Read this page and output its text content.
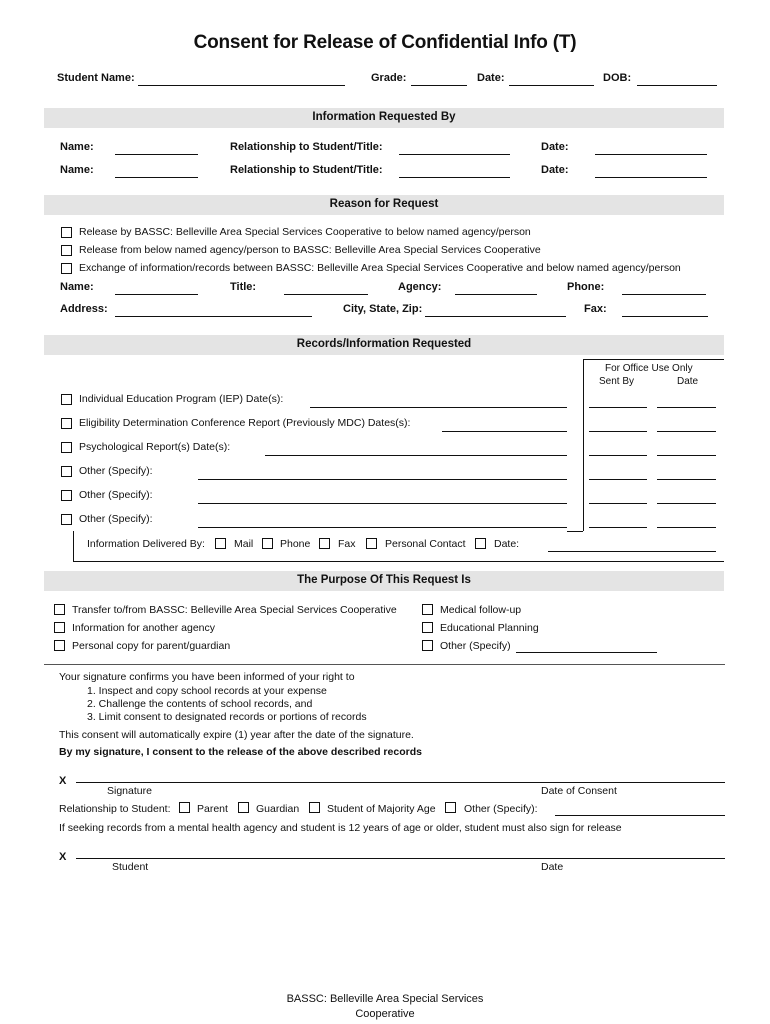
Consent for Release of Confidential Info (T)
Student Name:	Grade:	Date:	DOB:
Information Requested By
Name:	Relationship to Student/Title:	Date:
Name:	Relationship to Student/Title:	Date:
Reason for Request
Release by BASSC: Belleville Area Special Services Cooperative to below named agency/person
Release from below named agency/person to BASSC: Belleville Area Special Services Cooperative
Exchange of information/records between BASSC: Belleville Area Special Services Cooperative and below named agency/person
Name:	Title:	Agency:	Phone:
Address:	City, State, Zip:	Fax:
Records/Information Requested
For Office Use Only
Sent By	Date
Individual Education Program (IEP) Date(s):
Eligibility Determination Conference Report (Previously MDC) Dates(s):
Psychological Report(s) Date(s):
Other (Specify):
Other (Specify):
Other (Specify):
Information Delivered By:	Mail	Phone	Fax	Personal Contact	Date:
The Purpose Of This Request Is
Transfer to/from BASSC: Belleville Area Special Services Cooperative
Information for another agency
Personal copy for parent/guardian
Medical follow-up
Educational Planning
Other (Specify)
Your signature confirms you have been informed of your right to
1. Inspect and copy school records at your expense
2. Challenge the contents of school records, and
3. Limit consent to designated records or portions of records
This consent will automatically expire (1) year after the date of the signature.
By my signature, I consent to the release of the above described records
X
Signature	Date of Consent
Relationship to Student:	Parent	Guardian	Student of Majority Age	Other (Specify):
If seeking records from a mental health agency and student is 12 years of age or older, student must also sign for release
X
Student	Date
BASSC: Belleville Area Special Services
Cooperative
